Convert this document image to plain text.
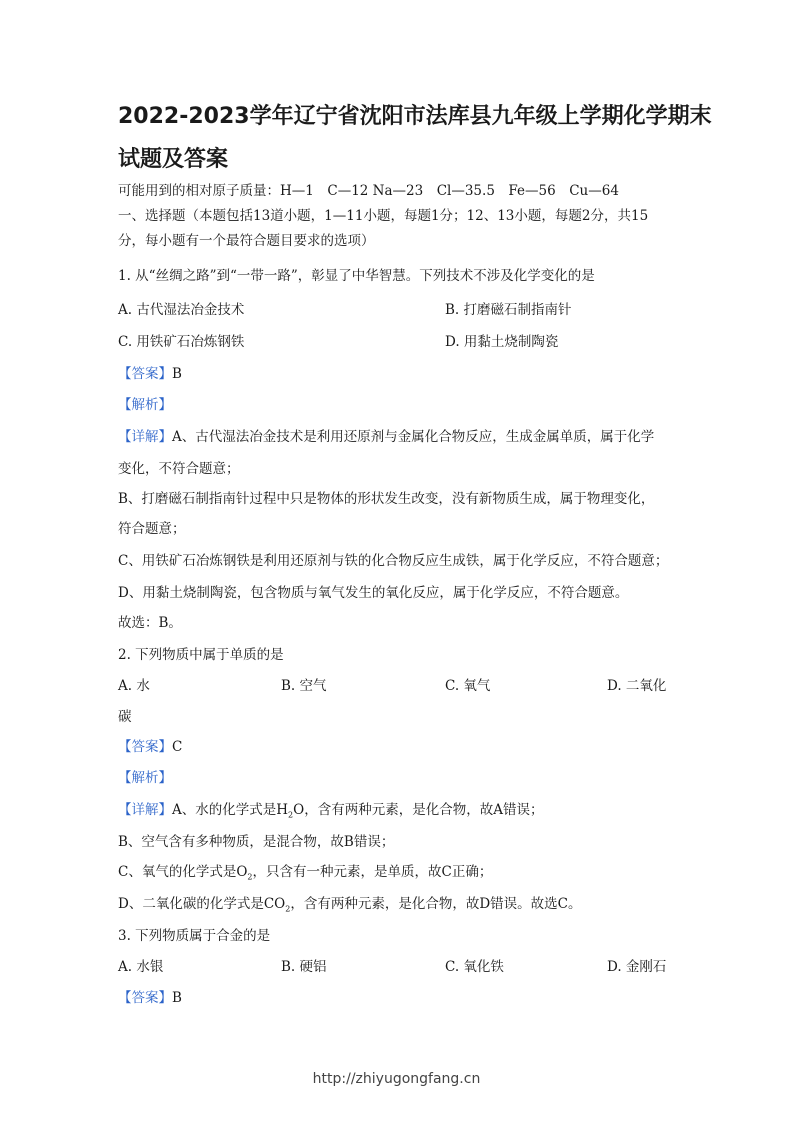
2022-2023学年辽宁省沈阳市法库县九年级上学期化学期末
试题及答案
可能用到的相对原子质量：H—1　C—12 Na—23　Cl—35.5　Fe—56　Cu—64
一、选择题（本题包括13道小题，1—11小题，每题1分；12、13小题，每题2分，共15
分，每小题有一个最符合题目要求的选项）
1. 从“丝绸之路”到“一带一路”，彰显了中华智慧。下列技术不涉及化学变化的是
A. 古代湿法冶金技术	B. 打磨磁石制指南针
C. 用铁矿石冶炼钢铁	D. 用黏土烧制陶瓷
【答案】B
【解析】
【详解】A、古代湿法冶金技术是利用还原剂与金属化合物反应，生成金属单质，属于化学
变化，不符合题意；
B、打磨磁石制指南针过程中只是物体的形状发生改变，没有新物质生成，属于物理变化，
符合题意；
C、用铁矿石冶炼钢铁是利用还原剂与铁的化合物反应生成铁，属于化学反应，不符合题意；
D、用黏土烧制陶瓷，包含物质与氧气发生的氧化反应，属于化学反应，不符合题意。
故选：B。
2. 下列物质中属于单质的是
A. 水	B. 空气	C. 氧气	D. 二氧化
碳
【答案】C
【解析】
【详解】A、水的化学式是$H_2O$，含有两种元素，是化合物，故A错误；
B、空气含有多种物质，是混合物，故B错误；
C、氧气的化学式是$O_2$，只含有一种元素，是单质，故C正确；
D、二氧化碳的化学式是$CO_2$，含有两种元素，是化合物，故D错误。故选C。
3. 下列物质属于合金的是
A. 水银	B. 硬铝	C. 氧化铁	D. 金刚石
【答案】B
http://zhiyugongfang.cn
